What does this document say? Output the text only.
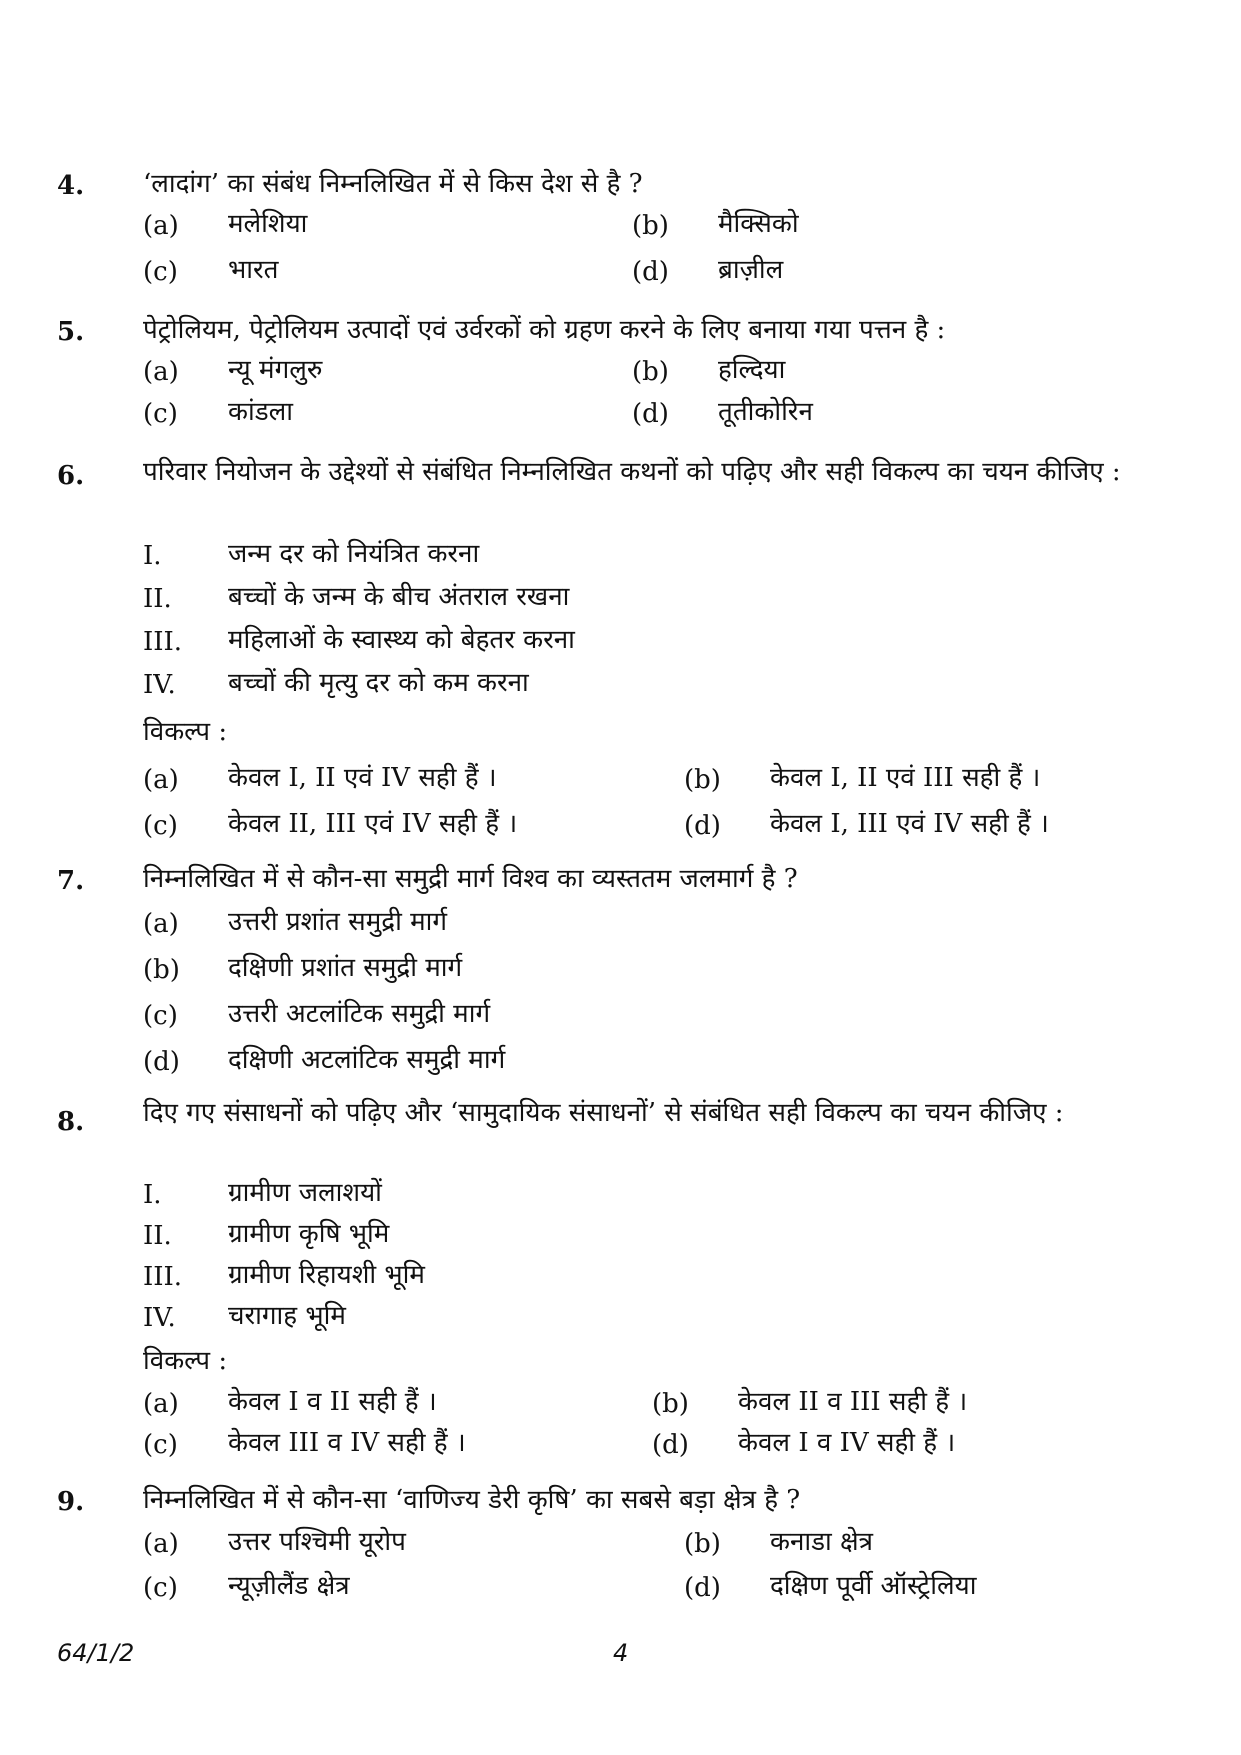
4. ‘लादांग’ का संबंध निम्नलिखित में से किस देश से है ?
(a) मलेशिया	(b) मैक्सिको
(c) भारत	(d) ब्राज़ील
5. पेट्रोलियम, पेट्रोलियम उत्पादों एवं उर्वरकों को ग्रहण करने के लिए बनाया गया पत्तन है :
(a) न्यू मंगलुरु	(b) हल्दिया
(c) कांडला	(d) तूतीकोरिन
6. परिवार नियोजन के उद्देश्यों से संबंधित निम्नलिखित कथनों को पढ़िए और सही विकल्प का चयन कीजिए :
I.	जन्म दर को नियंत्रित करना
II. बच्चों के जन्म के बीच अंतराल रखना
III. महिलाओं के स्वास्थ्य को बेहतर करना
IV. बच्चों की मृत्यु दर को कम करना
विकल्प :
(a) केवल I, II एवं IV सही हैं ।	(b) केवल I, II एवं III सही हैं ।
(c) केवल II, III एवं IV सही हैं ।	(d) केवल I, III एवं IV सही हैं ।
7. निम्नलिखित में से कौन-सा समुद्री मार्ग विश्व का व्यस्ततम जलमार्ग है ?
(a) उत्तरी प्रशांत समुद्री मार्ग
(b) दक्षिणी प्रशांत समुद्री मार्ग
(c) उत्तरी अटलांटिक समुद्री मार्ग
(d) दक्षिणी अटलांटिक समुद्री मार्ग
8. दिए गए संसाधनों को पढ़िए और ‘सामुदायिक संसाधनों’ से संबंधित सही विकल्प का चयन कीजिए :
I.	ग्रामीण जलाशयों
II. ग्रामीण कृषि भूमि
III. ग्रामीण रिहायशी भूमि
IV. चरागाह भूमि
विकल्प :
(a) केवल I व II सही हैं ।	(b) केवल II व III सही हैं ।
(c) केवल III व IV सही हैं ।	(d) केवल I व IV सही हैं ।
9. निम्नलिखित में से कौन-सा ‘वाणिज्य डेरी कृषि’ का सबसे बड़ा क्षेत्र है ?
(a) उत्तर पश्चिमी यूरोप	(b) कनाडा क्षेत्र
(c) न्यूज़ीलैंड क्षेत्र	(d) दक्षिण पूर्वी ऑस्ट्रेलिया
64/1/2	4
